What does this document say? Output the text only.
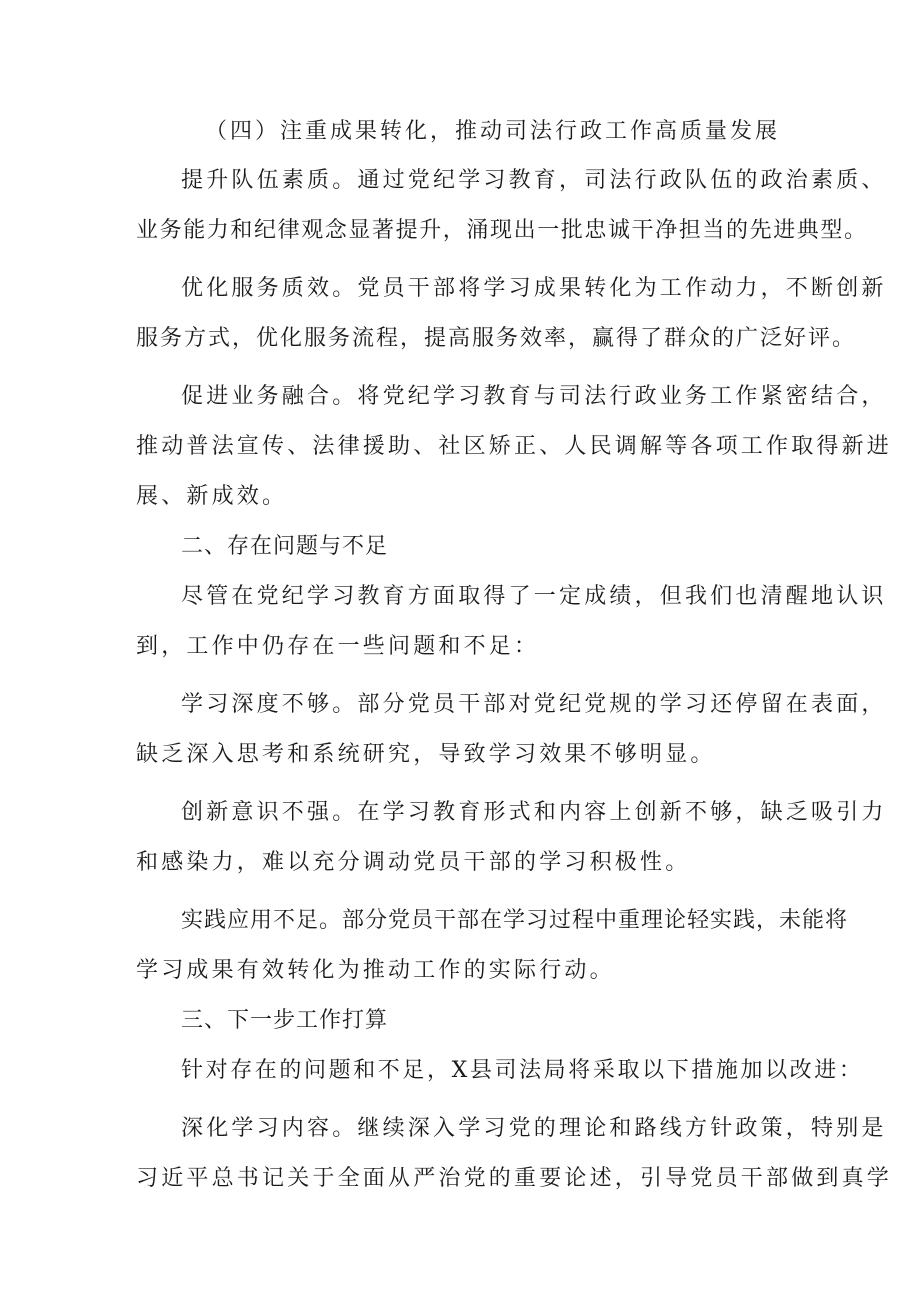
（四）注重成果转化，推动司法行政工作高质量发展
提升队伍素质。通过党纪学习教育，司法行政队伍的政治素质、
业务能力和纪律观念显著提升，涌现出一批忠诚干净担当的先进典型。
优化服务质效。党员干部将学习成果转化为工作动力，不断创新
服务方式，优化服务流程，提高服务效率，赢得了群众的广泛好评。
促进业务融合。将党纪学习教育与司法行政业务工作紧密结合，
推动普法宣传、法律援助、社区矫正、人民调解等各项工作取得新进
展、新成效。
二、存在问题与不足
尽管在党纪学习教育方面取得了一定成绩，但我们也清醒地认识
到，工作中仍存在一些问题和不足：
学习深度不够。部分党员干部对党纪党规的学习还停留在表面，
缺乏深入思考和系统研究，导致学习效果不够明显。
创新意识不强。在学习教育形式和内容上创新不够，缺乏吸引力
和感染力，难以充分调动党员干部的学习积极性。
实践应用不足。部分党员干部在学习过程中重理论轻实践，未能将
学习成果有效转化为推动工作的实际行动。
三、下一步工作打算
针对存在的问题和不足，X县司法局将采取以下措施加以改进：
深化学习内容。继续深入学习党的理论和路线方针政策，特别是
习近平总书记关于全面从严治党的重要论述，引导党员干部做到真学
